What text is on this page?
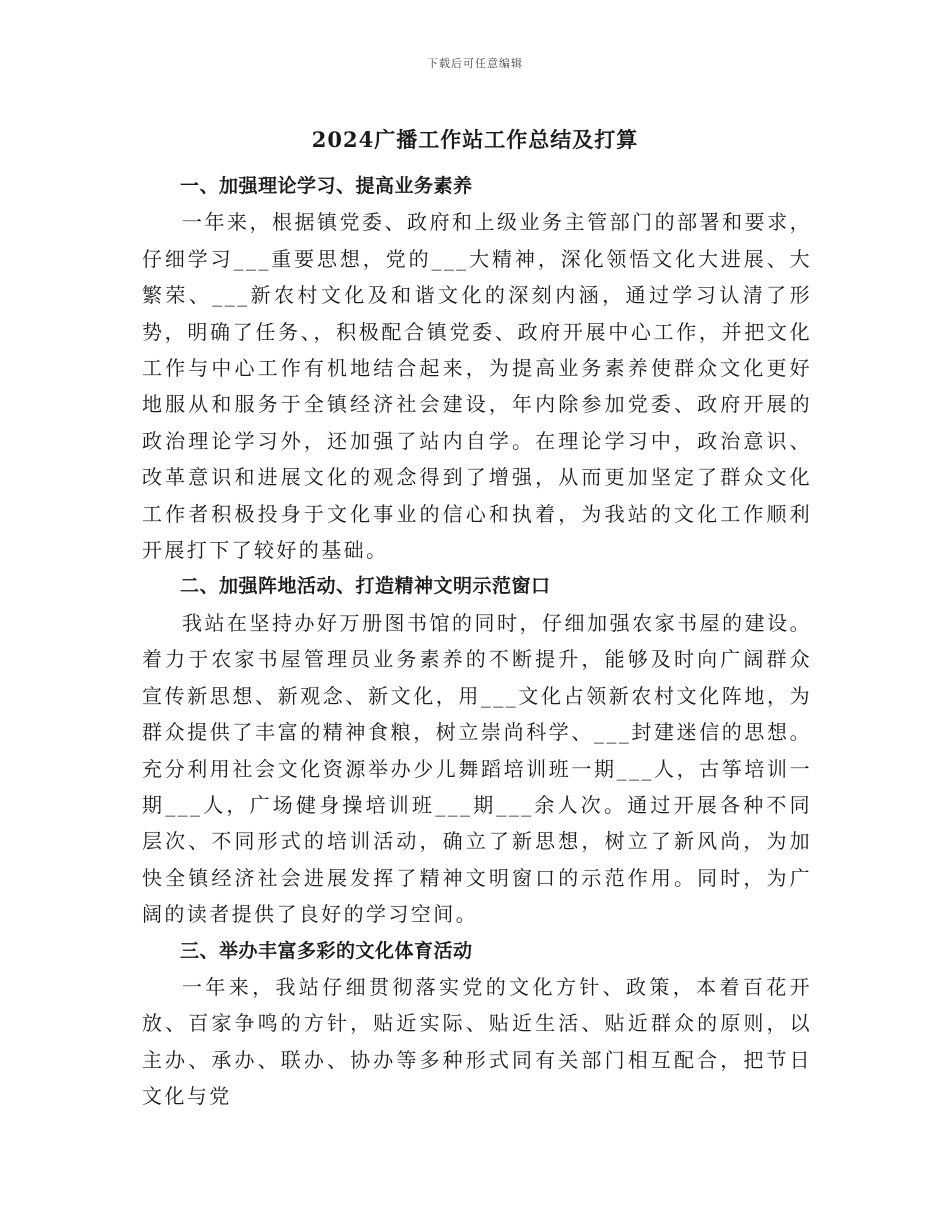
下载后可任意编辑
2024广播工作站工作总结及打算
一、加强理论学习、提高业务素养

一年来，根据镇党委、政府和上级业务主管部门的部署和要求，仔细学习___重要思想，党的___大精神，深化领悟文化大进展、大繁荣、___新农村文化及和谐文化的深刻内涵，通过学习认清了形势，明确了任务、，积极配合镇党委、政府开展中心工作，并把文化工作与中心工作有机地结合起来，为提高业务素养使群众文化更好地服从和服务于全镇经济社会建设，年内除参加党委、政府开展的政治理论学习外，还加强了站内自学。在理论学习中，政治意识、改革意识和进展文化的观念得到了增强，从而更加坚定了群众文化工作者积极投身于文化事业的信心和执着，为我站的文化工作顺利开展打下了较好的基础。

二、加强阵地活动、打造精神文明示范窗口

我站在坚持办好万册图书馆的同时，仔细加强农家书屋的建设。着力于农家书屋管理员业务素养的不断提升，能够及时向广阔群众宣传新思想、新观念、新文化，用___文化占领新农村文化阵地，为群众提供了丰富的精神食粮，树立崇尚科学、___封建迷信的思想。充分利用社会文化资源举办少儿舞蹈培训班一期___人，古筝培训一期___人，广场健身操培训班___期___余人次。通过开展各种不同层次、不同形式的培训活动，确立了新思想，树立了新风尚，为加快全镇经济社会进展发挥了精神文明窗口的示范作用。同时，为广阔的读者提供了良好的学习空间。

三、举办丰富多彩的文化体育活动

一年来，我站仔细贯彻落实党的文化方针、政策，本着百花开放、百家争鸣的方针，贴近实际、贴近生活、贴近群众的原则，以主办、承办、联办、协办等多种形式同有关部门相互配合，把节日文化与党
